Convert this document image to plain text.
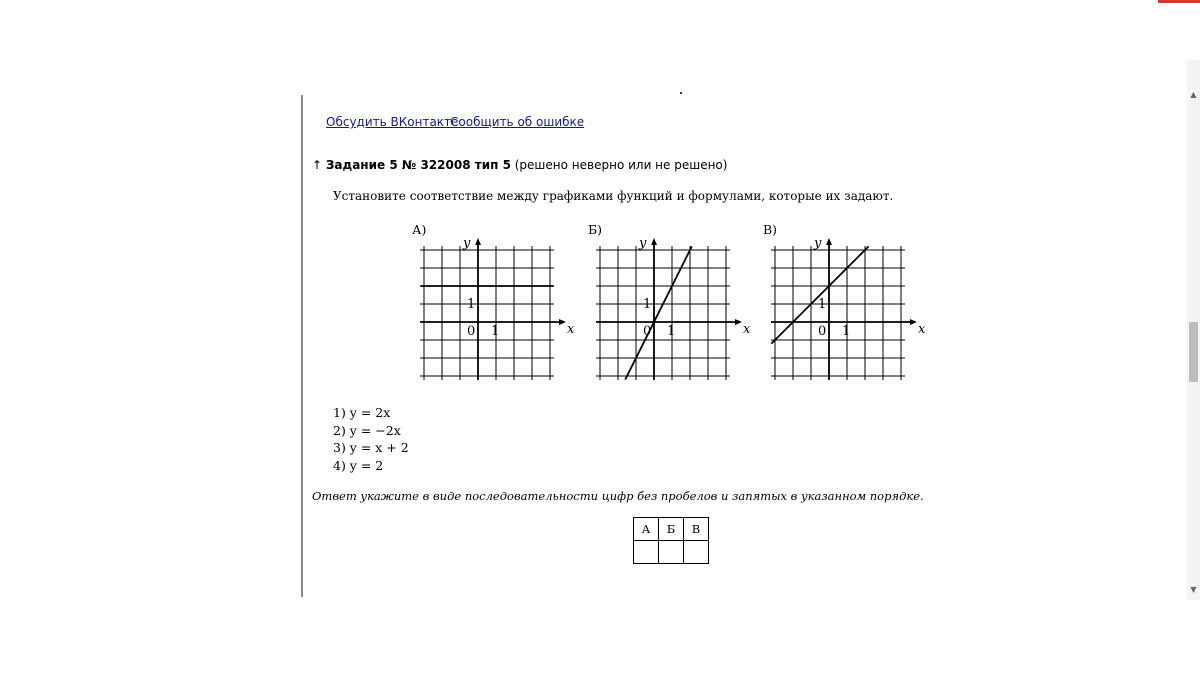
Обсудить ВКонтакте
Сообщить об ошибке
↑ Задание 5 № 322008 тип 5 (решено неверно или не решено)
Установите соответствие между графиками функций и формулами, которые их задают.
А)	Б)	В)
x
y
0 1
1
x
y
0 1
1
x
y
0 1
1
1) y = 2x
2) y = −2x
3) y = x + 2
4) y = 2
Ответ укажите в виде последовательности цифр без пробелов и запятых в указанном порядке.
А	Б	В

▲
▼
